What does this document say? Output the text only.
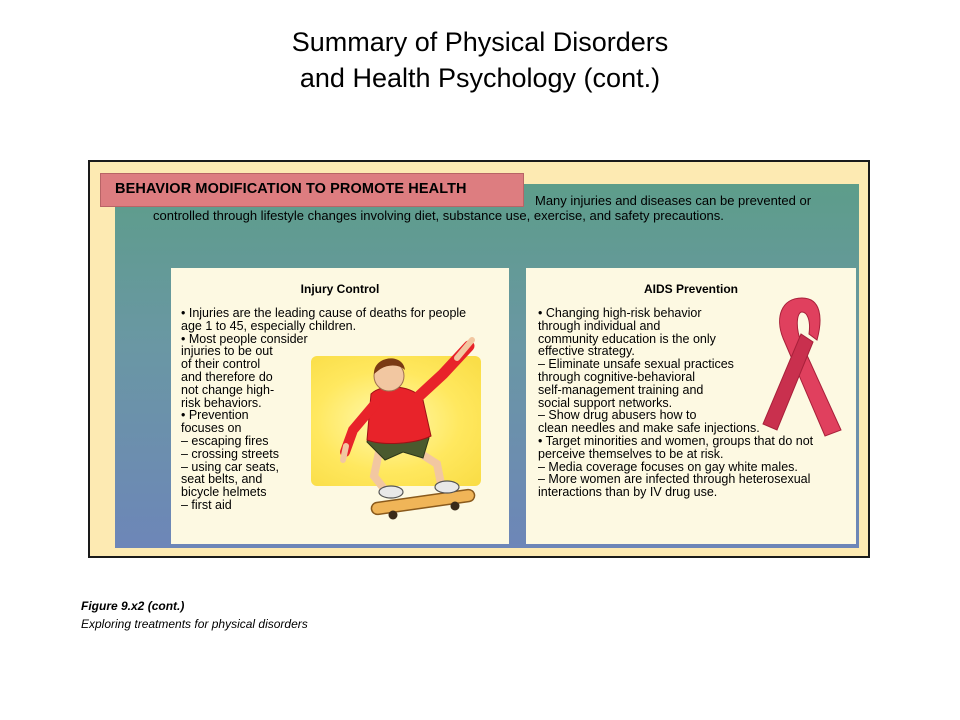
Summary of Physical Disorders
and Health Psychology (cont.)
Injury Control
• Injuries are the leading cause of deaths for people
age 1 to 45, especially children.
• Most people consider
injuries to be out
of their control
and therefore do
not change high-
risk behaviors.
• Prevention
focuses on
– escaping fires
– crossing streets
– using car seats,
seat belts, and
bicycle helmets
– first aid
AIDS Prevention
• Changing high-risk behavior
through individual and
community education is the only
effective strategy.
– Eliminate unsafe sexual practices
through cognitive-behavioral
self-management training and
social support networks.
– Show drug abusers how to
clean needles and make safe injections.
• Target minorities and women, groups that do not
perceive themselves to be at risk.
– Media coverage focuses on gay white males.
– More women are infected through heterosexual
interactions than by IV drug use.
BEHAVIOR MODIFICATION TO PROMOTE HEALTH
Many injuries and diseases can be prevented or
controlled through lifestyle changes involving diet, substance use, exercise, and safety precautions.
Figure 9.x2 (cont.)
Exploring treatments for physical disorders
